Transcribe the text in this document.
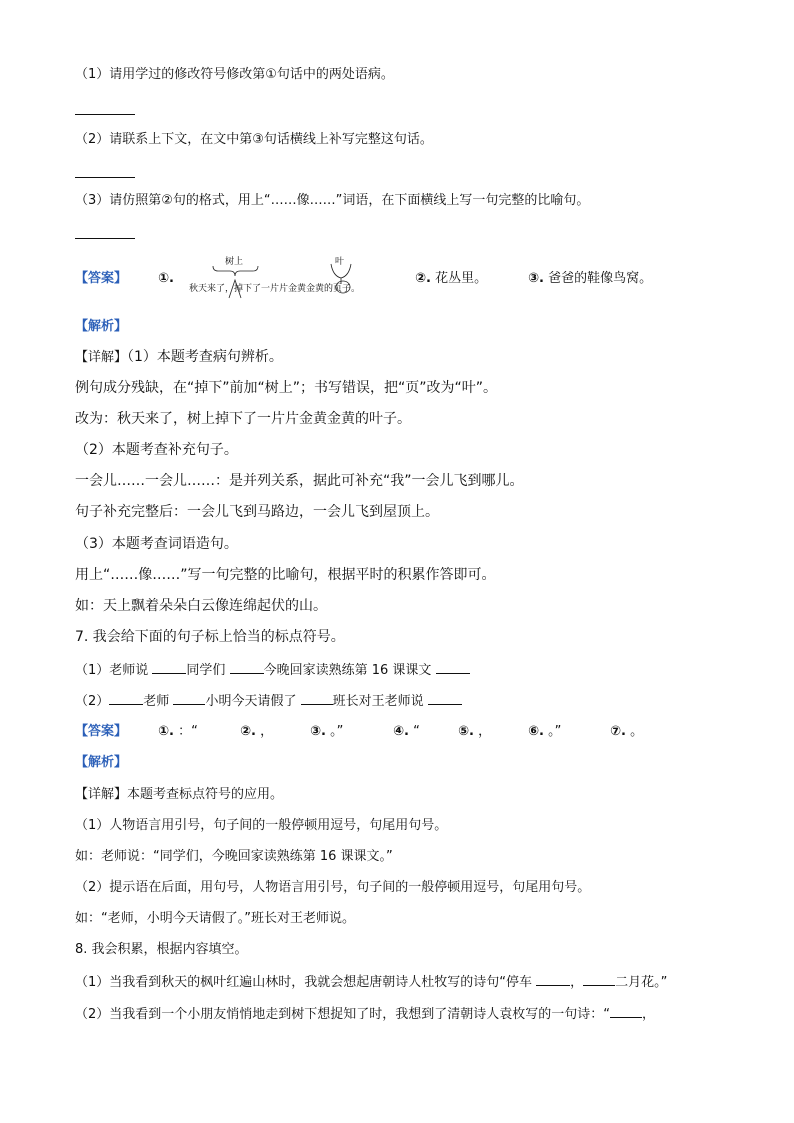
（1）请用学过的修改符号修改第①句话中的两处语病。
（2）请联系上下文，在文中第③句话横线上补写完整这句话。
（3）请仿照第②句的格式，用上“……像……”词语，在下面横线上写一句完整的比喻句。
【答案】 ①.
树上	叶
秋天来了，掉下了一片片金黄金黄的页子。
②. 花丛里。	③. 爸爸的鞋像鸟窝。
【解析】
【详解】（1）本题考查病句辨析。
例句成分残缺，在“掉下”前加“树上”；书写错误，把“页”改为“叶”。
改为：秋天来了，树上掉下了一片片金黄金黄的叶子。
（2）本题考查补充句子。
一会儿……一会儿……：是并列关系，据此可补充“我”一会儿飞到哪儿。
句子补充完整后：一会儿飞到马路边，一会儿飞到屋顶上。
（3）本题考查词语造句。
用上“……像……”写一句完整的比喻句，根据平时的积累作答即可。
如：天上飘着朵朵白云像连绵起伏的山。
7. 我会给下面的句子标上恰当的标点符号。
（1）老师说	同学们	今晚回家读熟练第 16 课课文
（2）	老师	小明今天请假了	班长对王老师说
【答案】 ①. ：“	②. ，	③. 。”	④. “	⑤. ，	⑥. 。”	⑦. 。
【解析】
【详解】本题考查标点符号的应用。
（1）人物语言用引号，句子间的一般停顿用逗号，句尾用句号。
如：老师说：“同学们，今晚回家读熟练第 16 课课文。”
（2）提示语在后面，用句号，人物语言用引号，句子间的一般停顿用逗号，句尾用句号。
如：“老师，小明今天请假了。”班长对王老师说。
8. 我会积累，根据内容填空。
（1）当我看到秋天的枫叶红遍山林时，我就会想起唐朝诗人杜牧写的诗句“停车	， 二月花。”
（2）当我看到一个小朋友悄悄地走到树下想捉知了时，我想到了清朝诗人袁枚写的一句诗：“ ，
